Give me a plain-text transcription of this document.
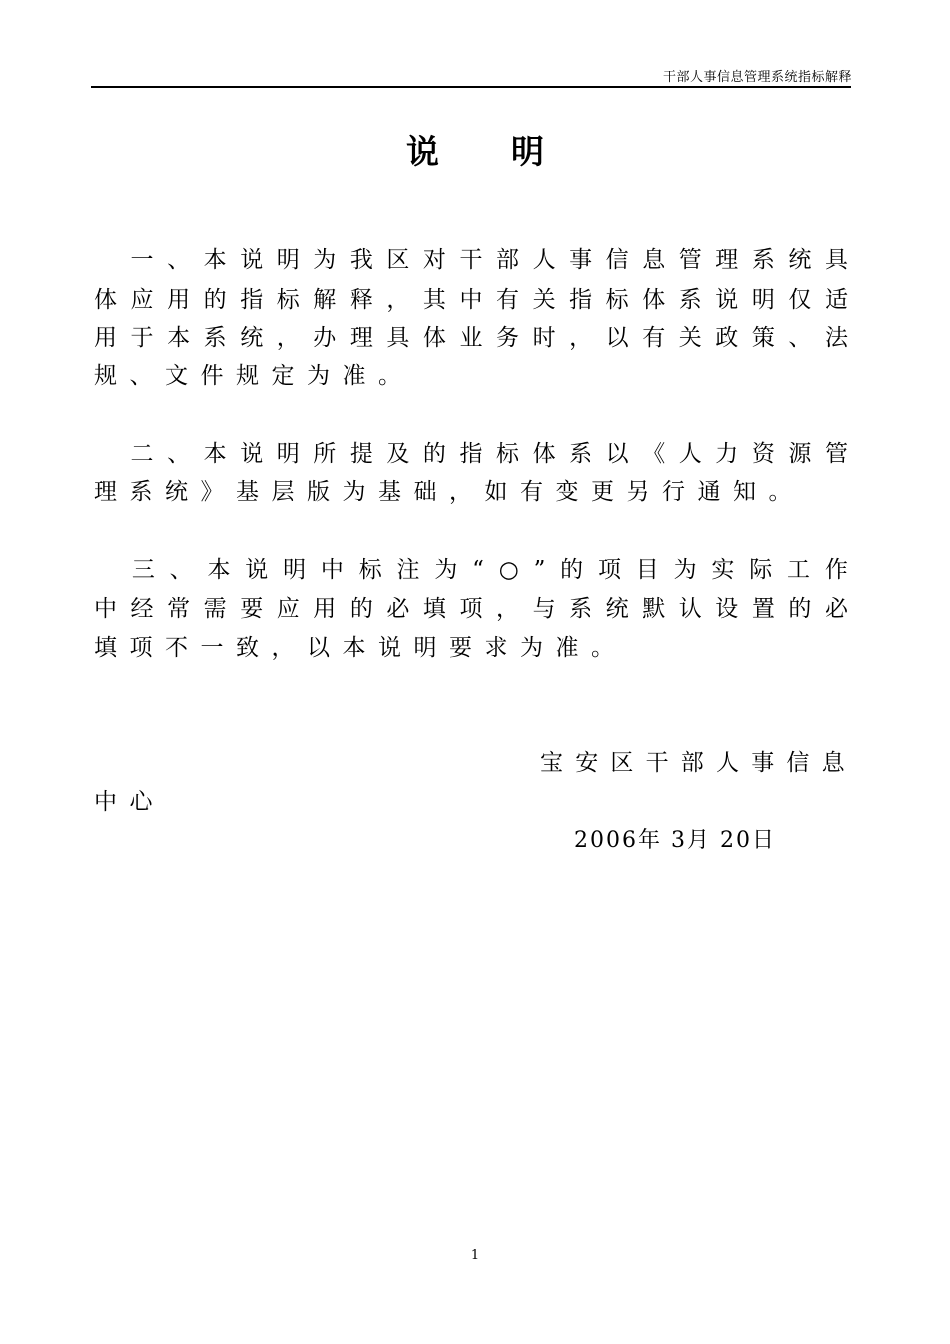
干部人事信息管理系统指标解释
说明

一 、 本 说 明 为 我 区 对 干 部 人 事 信 息 管 理 系 统 具
体 应 用 的 指 标 解 释 ， 其 中 有 关 指 标 体 系 说 明 仅 适
用 于 本 系 统 ， 办 理 具 体 业 务 时 ， 以 有 关 政 策 、 法
规、文件规定为准。

二 、 本 说 明 所 提 及 的 指 标 体 系 以 《 人 力 资 源 管
理系统》基层版为基础，如有变更另行通知。

三 、 本 说 明 中 标 注 为 “ ○ ” 的 项 目 为 实 际 工 作
中 经 常 需 要 应 用 的 必 填 项 ， 与 系 统 默 认 设 置 的 必
填项不一致，以本说明要求为准。
宝安区干部人事信息
中心
2006年 3月 20日
1
